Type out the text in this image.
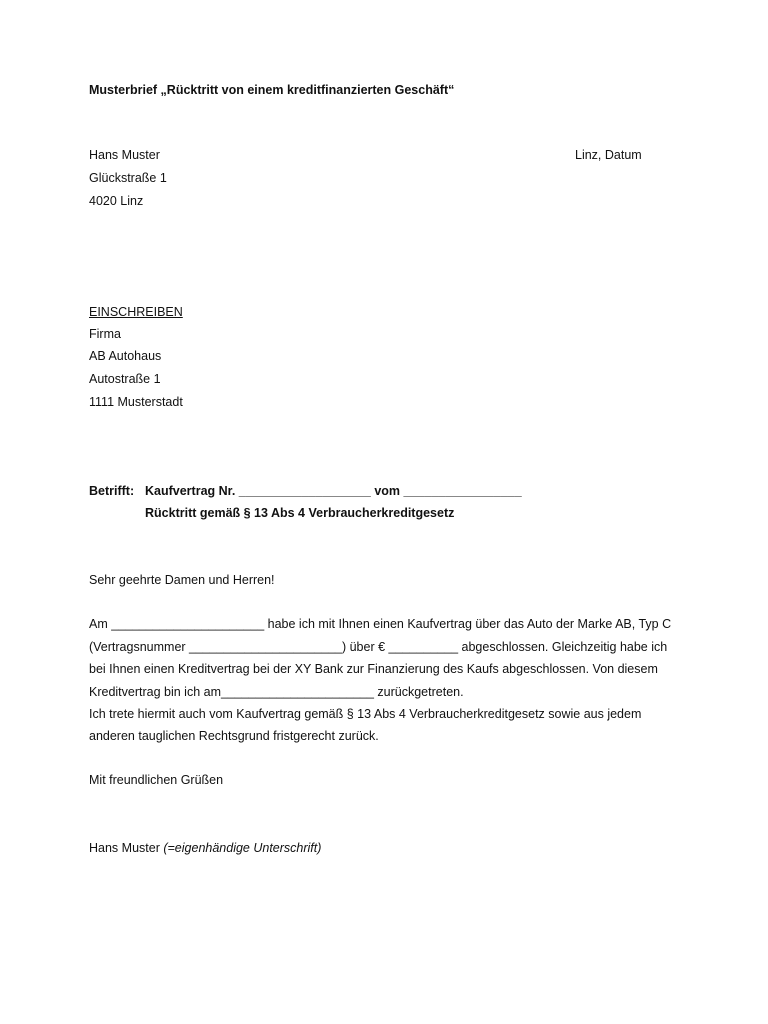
Musterbrief „Rücktritt von einem kreditfinanzierten Geschäft“
Hans Muster
Glückstraße 1
4020 Linz
Linz, Datum
EINSCHREIBEN
Firma
AB Autohaus
Autostraße 1
1111 Musterstadt
Betrifft: Kaufvertrag Nr. ___________________ vom _________________
Rücktritt gemäß § 13 Abs 4 Verbraucherkreditgesetz
Sehr geehrte Damen und Herren!
Am ______________________ habe ich mit Ihnen einen Kaufvertrag über das Auto der Marke AB, Typ C
(Vertragsnummer ______________________) über € __________ abgeschlossen. Gleichzeitig habe ich
bei Ihnen einen Kreditvertrag bei der XY Bank zur Finanzierung des Kaufs abgeschlossen. Von diesem
Kreditvertrag bin ich am______________________ zurückgetreten.
Ich trete hiermit auch vom Kaufvertrag gemäß § 13 Abs 4 Verbraucherkreditgesetz sowie aus jedem
anderen tauglichen Rechtsgrund fristgerecht zurück.
Mit freundlichen Grüßen
Hans Muster (=eigenhändige Unterschrift)
